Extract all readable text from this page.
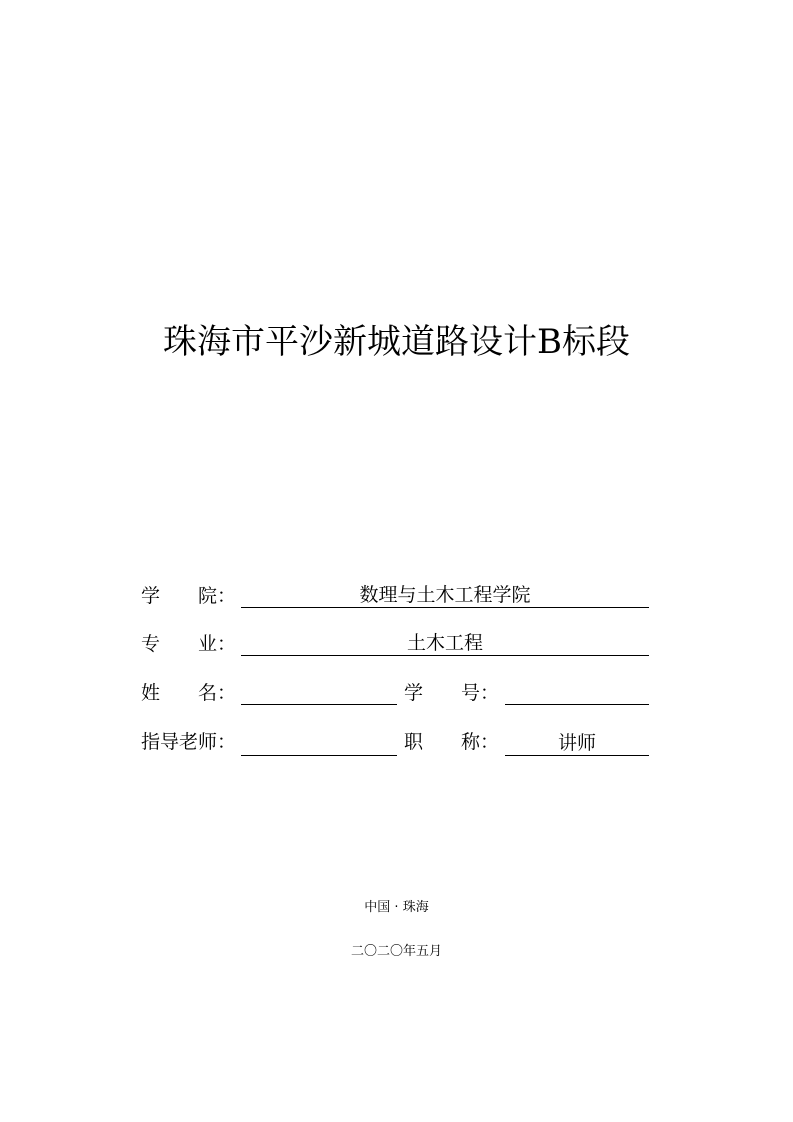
珠海市平沙新城道路设计B标段
学　　院：	数理与土木工程学院
专　　业：	土木工程
姓　　名：	学　　号：
指导老师：	职　　称：	讲师
中国 · 珠海
二〇二〇年五月
